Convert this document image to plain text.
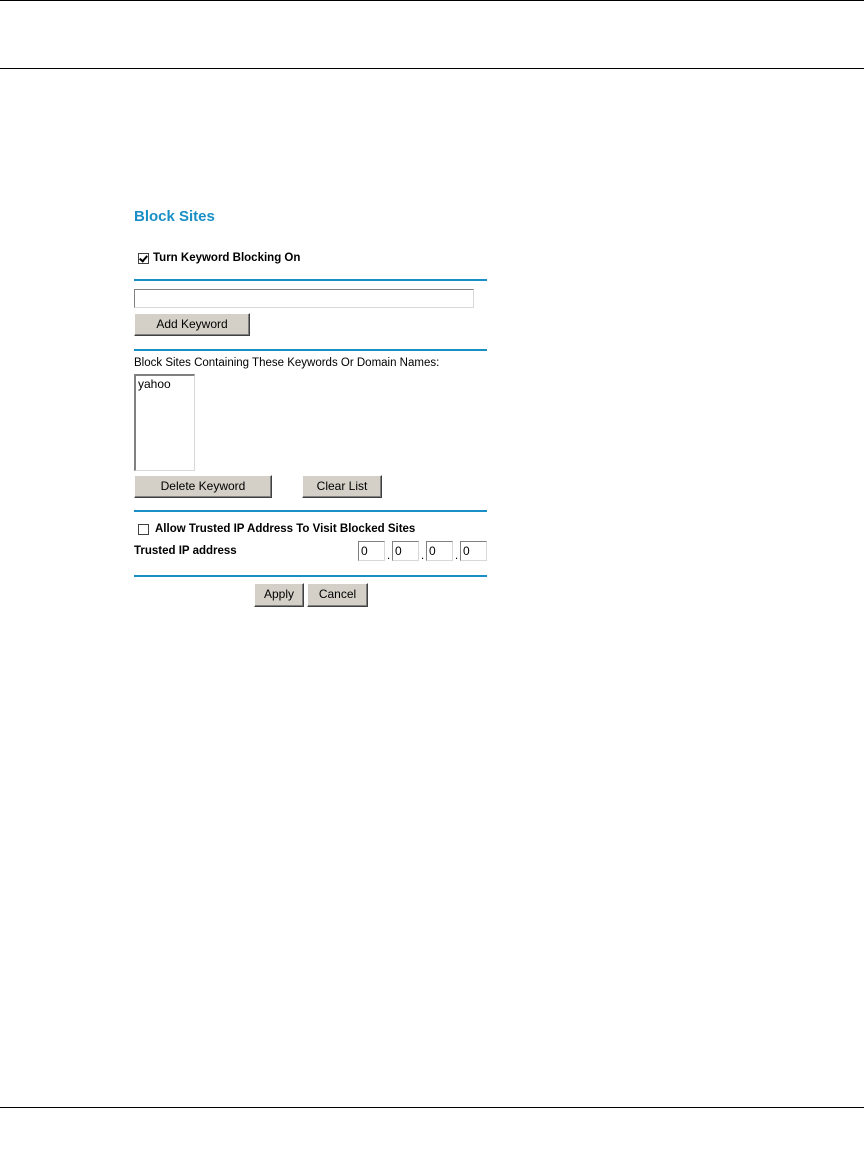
Block Sites
Turn Keyword Blocking On
Add Keyword
Block Sites Containing These Keywords Or Domain Names:
yahoo
Delete Keyword	Clear List
Allow Trusted IP Address To Visit Blocked Sites
Trusted IP address	0	. 0	. 0	. 0
Apply	Cancel
